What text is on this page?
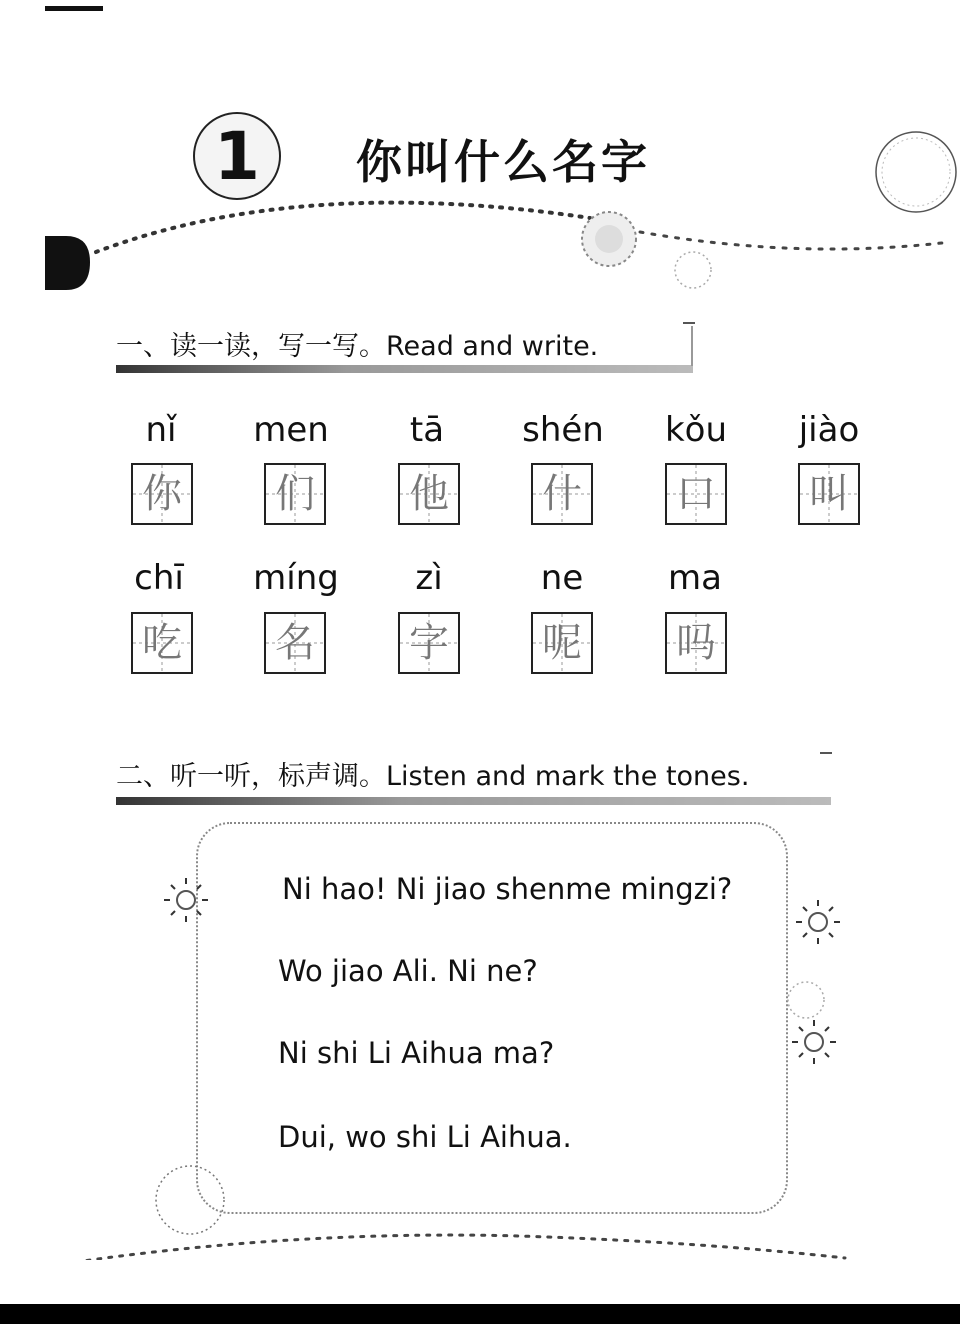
1	你叫什么名字
一、读一读，写一写。Read and write.
nǐ	men	tā	shén	kǒu	jiào
你 们 他 什 口 叫
chī	míng	zì	ne	ma
吃 名 字 呢 吗
二、听一听，标声调。Listen and mark the tones.
Ni hao! Ni jiao shenme mingzi?
Wo jiao Ali. Ni ne?
Ni shi Li Aihua ma?
Dui, wo shi Li Aihua.
